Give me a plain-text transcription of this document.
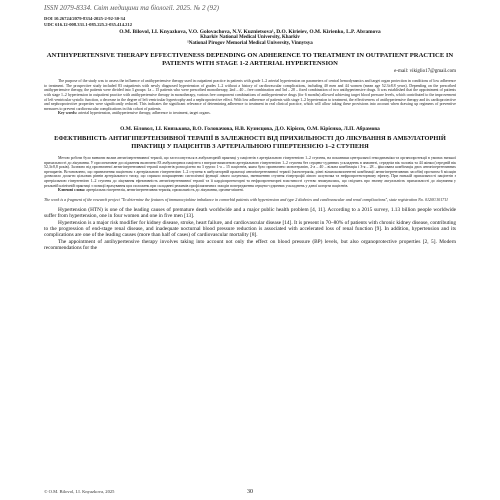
ISSN 2079-8334. Світ медицини та біології. 2025. № 2 (92)
DOI 10.26724/2079-8334-2025-2-92-30-34
UDC 616.12-008.331.1-085.225.2-035.414.212
O.M. Bilovol, I.I. Knyazkova, V.O. Golovachova, N.V. Kuznietsova¹, D.O. Kirieiev, O.M. Kirienko, L.P. Abramova
Kharkiv National Medical University, Kharkiv
¹National Pirogov Memorial Medical University, Vinnytsya
ANTIHYPERTENSIVE THERAPY EFFECTIVENESS DEPENDING ON ADHERENCE TO TREATMENT IN OUTPATIENT PRACTICE IN PATIENTS WITH STAGE 1-2 ARTERIAL HYPERTENSION
e-mail: vikiglio17@gmail.com
The purpose of the study was to assess the influence of antihypertensive therapy used in outpatient practice in patients with grade 1–2 arterial hypertension on parameters of central hemodynamics and target organ protection in conditions of low adherence to treatment. The prospective study included 83 outpatients with newly diagnosed hypertension of grades 1–2 without a history of cardiovascular complications, including 40 men and 44 women (mean age 52.3±8.8 years). Depending on the prescribed antihypertensive therapy, the patients were divided into 3 groups: 1a – 15 patients who were prescribed monotherapy, 2nd – 40 – free combination and 3rd – 28 – fixed combination of two antihypertensive drugs. It was established that the appointment of patients with stage 1–2 hypertension in outpatient practice with antihypertensive therapy in monotherapy, various free component combinations of antihypertensive drugs (for 6 months) allowed achieving target blood pressure levels, which contributed to the improvement of left ventricular systolic function, a decrease in the degree of left ventricular hypertrophy and a nephroprotective effect. With low adherence of patients with stage 1–2 hypertension to treatment, the effectiveness of antihypertensive therapy and its cardioprotective and nephroprotective properties were significantly reduced. This indicates the significant relevance of determining adherence to treatment in real clinical practice, which will allow taking these provisions into account when drawing up regimens of preventive measures to prevent cardiovascular complications in this cohort of patients.
Key words: arterial hypertension, antihypertensive therapy, adherence to treatment, target organs.
О.М. Біловол, І.І. Князькова, В.О. Головачова, Н.В. Кузнєцова, Д.О. Кірієєв, О.М. Кірієнко, Л.П. Абрамова
ЕФЕКТИВНІСТЬ АНТИГІПЕРТЕНЗИВНОЇ ТЕРАПІЇ В ЗАЛЕЖНОСТІ ВІД ПРИХИЛЬНОСТІ ДО ЛІКУВАННЯ В АМБУЛАТОРНІЙ ПРАКТИЦІ У ПАЦІЄНТІВ З АРТЕРІАЛЬНОЮ ГІПЕРТЕНЗІЄЮ 1–2 СТУПЕНЯ
Метою роботи було вивчити вплив антигіпертензивної терапії, що застосовується в амбулаторній практиці у пацієнтів з артеріальною гіпертензією 1–2 ступеня, на показники центральної гемодинаміки та органопротекції в умовах низької прихильності до лікування. У проспективне дослідження включено 83 амбулаторних пацієнта з вперше виявленою артеріальною гіпертензією 1–2 ступеня без серцево-судинних ускладнень в анамнезі, середнім вік чоловік та 44 жінки (середній вік 52,3±8,8 років). Залежно від призначеної антигіпертензивної терапії пацієнтів розподілено на 3 групи: 1-а – 15 пацієнтів, яким було призначено монотерапію, 2-а – 40 – вільна комбінація і 3-я – 28 – фіксована комбінація двох антигіпертензивних препаратів. Встановлено, що призначення пацієнтам з артеріальною гіпертензією 1–2 ступеня в амбулаторній практиці антигіпертензивної терапії (монотерапія, різні вільнокомпонентні комбінації антигіпертензивних засобів) протягом 6 місяців дозволило досягти цільових рівнів артеріального тиску, що сприяло покращенню систолічної функції лівого шлуночка, зменшенню ступеня гіпертрофії лівого шлуночка та нефропротекторному ефекту. При низькій прихильності пацієнтів з артеріальною гіпертензією 1–2 ступеня до лікування ефективність антигіпертензивної терапії та її кардіопротекторні та нефропротекторні властивості суттєво знижувались, що свідчить про значну актуальність прихильності до лікування у реальній клінічній практиці з позиції врахування цих положень при складанні режимів профілактичних заходів попередження серцево-судинних ускладнень у даної когорти пацієнтів.
Ключові слова: артеріальна гіпертензія, антигіпертензивна терапія, прихильність до лікування, органи-мішені.
The work is a fragment of the research project "To determine the features of immunocytokine imbalance in comorbid patients with hypertension and type 2 diabetes and cardiovascular and renal complications", state registration No. 0120U101711

Hypertension (HTN) is one of the leading causes of premature death worldwide and a major public health problem [4, 11]. According to a 2015 survey, 1.13 billion people worldwide suffer from hypertension, one in four women and one in five men [13].

Hypertension is a major risk modifier for kidney disease, stroke, heart failure, and cardiovascular disease [14]. It is present in 70–80% of patients with chronic kidney disease, contributing to the progression of end-stage renal disease, and inadequate nocturnal blood pressure reduction is associated with accelerated loss of renal function [9]. In addition, hypertension and its complications are one of the leading causes (more than half of cases) of cardiovascular mortality [8].

The appointment of antihypertensive therapy involves taking into account not only the effect on blood pressure (BP) levels, but also organoprotective properties [2, 5]. Modern recommendations for the

© O.M. Bilovol, I.I. Knyazkova, 2025	30
